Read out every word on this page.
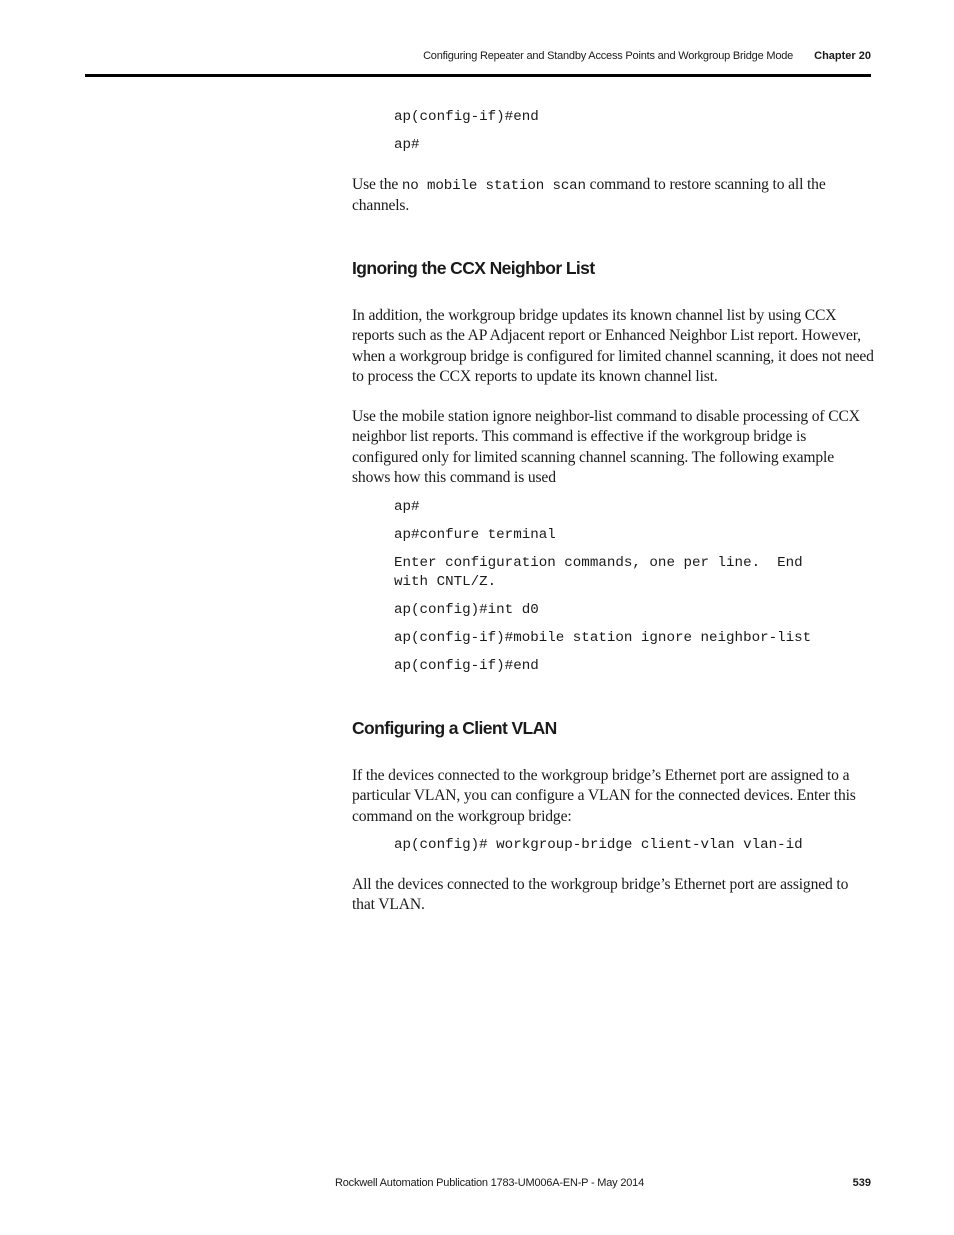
Configuring Repeater and Standby Access Points and Workgroup Bridge Mode Chapter 20
ap(config-if)#end
ap#

Use the no mobile station scan command to restore scanning to all the channels.

Ignoring the CCX Neighbor List

In addition, the workgroup bridge updates its known channel list by using CCX reports such as the AP Adjacent report or Enhanced Neighbor List report. However, when a workgroup bridge is configured for limited channel scanning, it does not need to process the CCX reports to update its known channel list.

Use the mobile station ignore neighbor-list command to disable processing of CCX neighbor list reports. This command is effective if the workgroup bridge is configured only for limited scanning channel scanning. The following example shows how this command is used

ap#
ap#confure terminal
Enter configuration commands, one per line.  End
with CNTL/Z.
ap(config)#int d0
ap(config-if)#mobile station ignore neighbor-list
ap(config-if)#end
Configuring a Client VLAN

If the devices connected to the workgroup bridge’s Ethernet port are assigned to a particular VLAN, you can configure a VLAN for the connected devices. Enter this command on the workgroup bridge:

ap(config)# workgroup-bridge client-vlan vlan-id

All the devices connected to the workgroup bridge’s Ethernet port are assigned to that VLAN.

Rockwell Automation Publication 1783-UM006A-EN-P - May 2014	539
